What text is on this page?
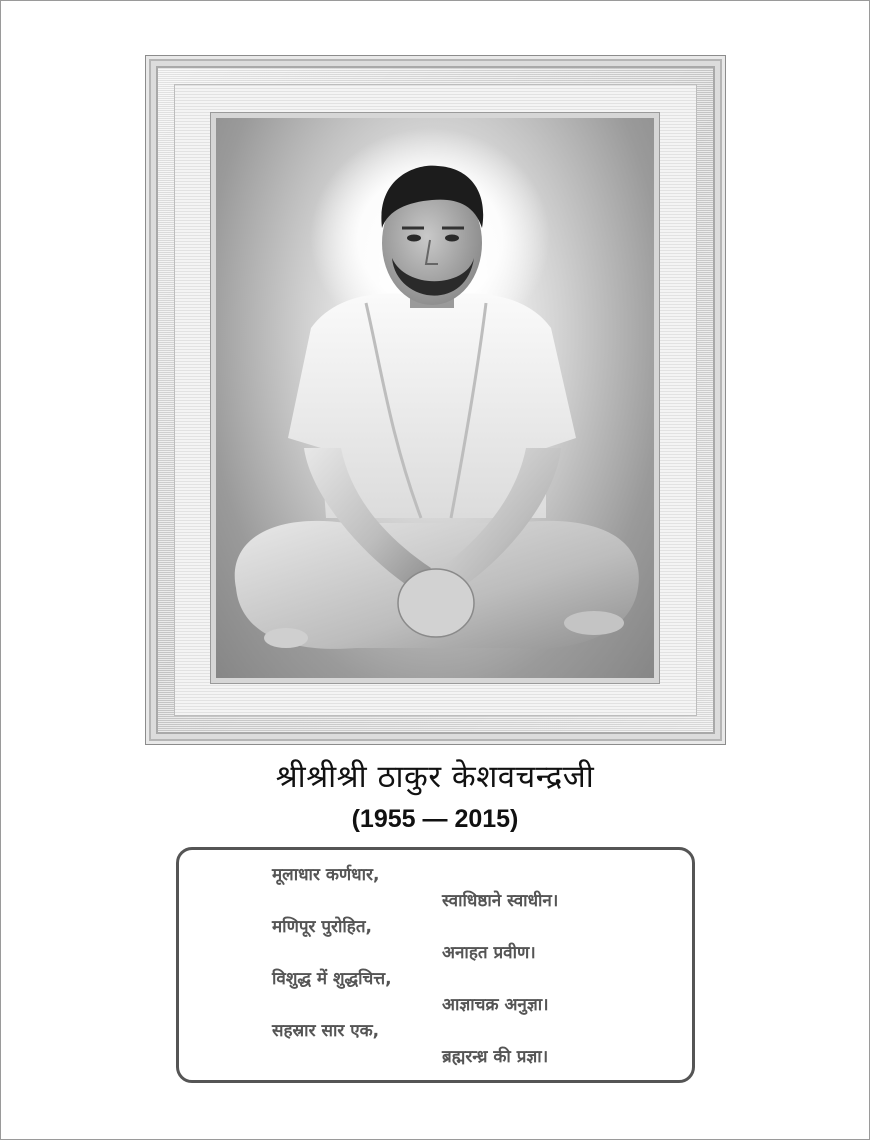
श्रीश्रीश्री ठाकुर केशवचन्द्रजी
(1955 — 2015)
मूलाधार कर्णधार,
स्वाधिष्ठाने स्वाधीन।
मणिपूर पुरोहित,
अनाहत प्रवीण।
विशुद्ध में शुद्धचित्त,
आज्ञाचक्र अनुज्ञा।
सहस्रार सार एक,
ब्रह्मरन्ध्र की प्रज्ञा।
